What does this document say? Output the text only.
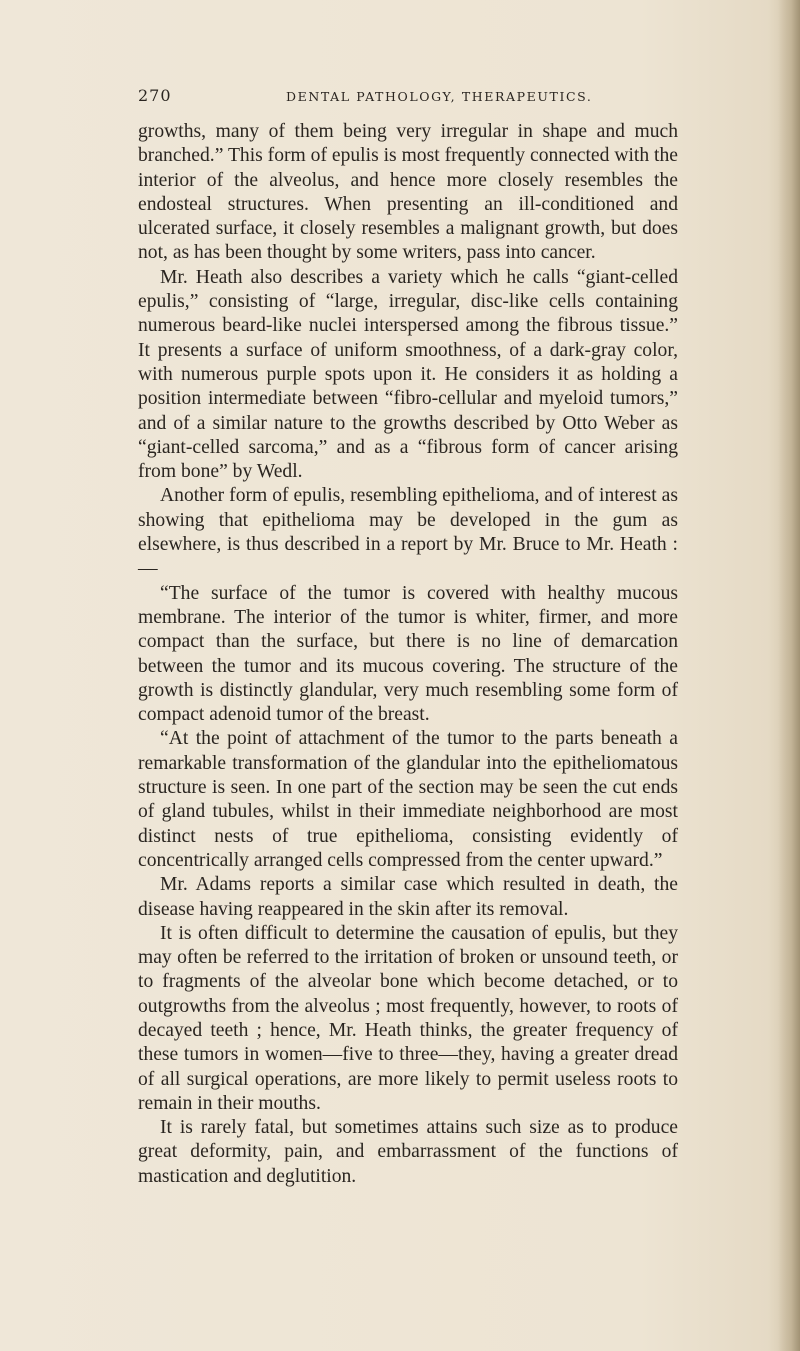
270	DENTAL PATHOLOGY, THERAPEUTICS.

growths, many of them being very irregular in shape and much branched.” This form of epulis is most frequently connected with the interior of the alveolus, and hence more closely resembles the endosteal structures. When presenting an ill-conditioned and ulcerated surface, it closely resembles a malignant growth, but does not, as has been thought by some writers, pass into cancer.

Mr. Heath also describes a variety which he calls “giant-celled epulis,” consisting of “large, irregular, disc-like cells containing numerous beard-like nuclei interspersed among the fibrous tissue.” It presents a surface of uniform smoothness, of a dark-gray color, with numerous purple spots upon it. He considers it as holding a position intermediate between “fibro-cellular and myeloid tumors,” and of a similar nature to the growths described by Otto Weber as “giant-celled sarcoma,” and as a “fibrous form of cancer arising from bone” by Wedl.

Another form of epulis, resembling epithelioma, and of interest as showing that epithelioma may be developed in the gum as elsewhere, is thus described in a report by Mr. Bruce to Mr. Heath :—

“The surface of the tumor is covered with healthy mucous membrane. The interior of the tumor is whiter, firmer, and more compact than the surface, but there is no line of demarcation between the tumor and its mucous covering. The structure of the growth is distinctly glandular, very much resembling some form of compact adenoid tumor of the breast.

“At the point of attachment of the tumor to the parts beneath a remarkable transformation of the glandular into the epitheliomatous structure is seen. In one part of the section may be seen the cut ends of gland tubules, whilst in their immediate neighborhood are most distinct nests of true epithelioma, consisting evidently of concentrically arranged cells compressed from the center upward.”

Mr. Adams reports a similar case which resulted in death, the disease having reappeared in the skin after its removal.

It is often difficult to determine the causation of epulis, but they may often be referred to the irritation of broken or unsound teeth, or to fragments of the alveolar bone which become detached, or to outgrowths from the alveolus ; most frequently, however, to roots of decayed teeth ; hence, Mr. Heath thinks, the greater frequency of these tumors in women—five to three—they, having a greater dread of all surgical operations, are more likely to permit useless roots to remain in their mouths.

It is rarely fatal, but sometimes attains such size as to produce great deformity, pain, and embarrassment of the functions of mastication and deglutition.
